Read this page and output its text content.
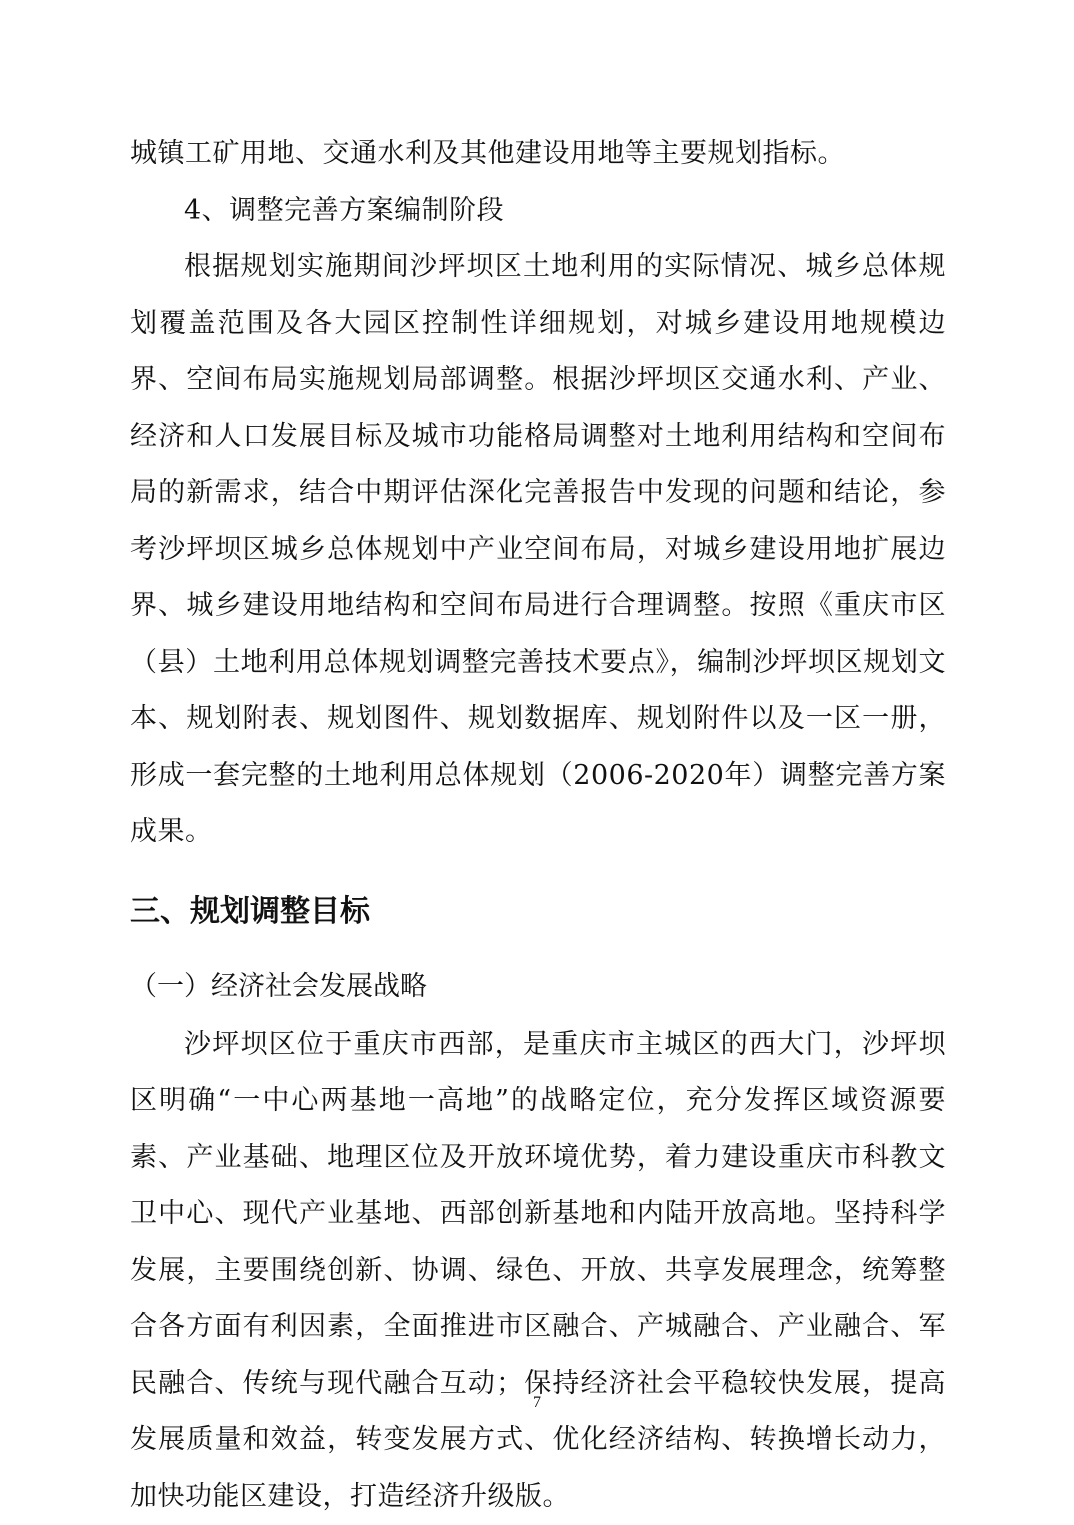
城镇工矿用地、交通水利及其他建设用地等主要规划指标。

4、调整完善方案编制阶段

根据规划实施期间沙坪坝区土地利用的实际情况、城乡总体规划覆盖范围及各大园区控制性详细规划，对城乡建设用地规模边界、空间布局实施规划局部调整。根据沙坪坝区交通水利、产业、经济和人口发展目标及城市功能格局调整对土地利用结构和空间布局的新需求，结合中期评估深化完善报告中发现的问题和结论，参考沙坪坝区城乡总体规划中产业空间布局，对城乡建设用地扩展边界、城乡建设用地结构和空间布局进行合理调整。按照《重庆市区（县）土地利用总体规划调整完善技术要点》，编制沙坪坝区规划文本、规划附表、规划图件、规划数据库、规划附件以及一区一册，形成一套完整的土地利用总体规划（2006-2020年）调整完善方案成果。

三、规划调整目标
（一）经济社会发展战略

沙坪坝区位于重庆市西部，是重庆市主城区的西大门，沙坪坝区明确“一中心两基地一高地”的战略定位，充分发挥区域资源要素、产业基础、地理区位及开放环境优势，着力建设重庆市科教文卫中心、现代产业基地、西部创新基地和内陆开放高地。坚持科学发展，主要围绕创新、协调、绿色、开放、共享发展理念，统筹整合各方面有利因素，全面推进市区融合、产城融合、产业融合、军民融合、传统与现代融合互动；保持经济社会平稳较快发展，提高发展质量和效益，转变发展方式、优化经济结构、转换增长动力，加快功能区建设，打造经济升级版。

7
